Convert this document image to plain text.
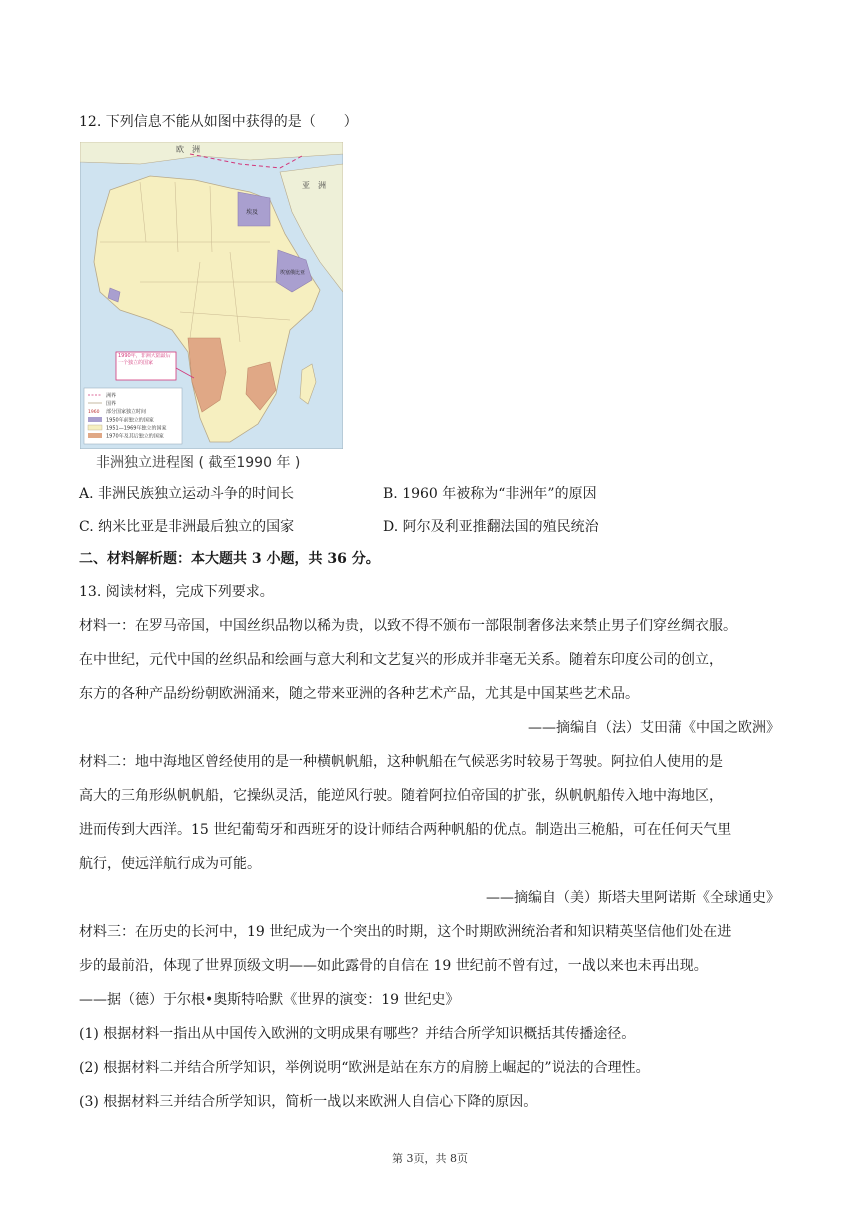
12. 下列信息不能从如图中获得的是（　　）
欧　洲
亚　洲
埃及
埃塞俄比亚
1990年，非洲大陆最后一个独立的国家
洲界
国界
1960 部分国家独立时间
1950年前独立的国家
1951—1969年独立的国家
1970年及其后独立的国家
非洲独立进程图 ( 截至1990 年 )
A. 非洲民族独立运动斗争的时间长	B. 1960 年被称为“非洲年”的原因
C. 纳米比亚是非洲最后独立的国家	D. 阿尔及利亚推翻法国的殖民统治
二、材料解析题：本大题共 3 小题，共 36 分。
13. 阅读材料，完成下列要求。
材料一：在罗马帝国，中国丝织品物以稀为贵，以致不得不颁布一部限制奢侈法来禁止男子们穿丝绸衣服。
在中世纪，元代中国的丝织品和绘画与意大利和文艺复兴的形成并非毫无关系。随着东印度公司的创立，
东方的各种产品纷纷朝欧洲涌来，随之带来亚洲的各种艺术产品，尤其是中国某些艺术品。
——摘编自（法）艾田蒲《中国之欧洲》
材料二：地中海地区曾经使用的是一种横帆帆船，这种帆船在气候恶劣时较易于驾驶。阿拉伯人使用的是
高大的三角形纵帆帆船，它操纵灵活，能逆风行驶。随着阿拉伯帝国的扩张，纵帆帆船传入地中海地区，
进而传到大西洋。15 世纪葡萄牙和西班牙的设计师结合两种帆船的优点。制造出三桅船，可在任何天气里
航行，使远洋航行成为可能。
——摘编自（美）斯塔夫里阿诺斯《全球通史》
材料三：在历史的长河中，19 世纪成为一个突出的时期，这个时期欧洲统治者和知识精英坚信他们处在进
步的最前沿，体现了世界顶级文明——如此露骨的自信在 19 世纪前不曾有过，一战以来也未再出现。
——据（德）于尔根•奥斯特哈默《世界的演变：19 世纪史》
(1) 根据材料一指出从中国传入欧洲的文明成果有哪些？并结合所学知识概括其传播途径。
(2) 根据材料二并结合所学知识，举例说明“欧洲是站在东方的肩膀上崛起的”说法的合理性。
(3) 根据材料三并结合所学知识，简析一战以来欧洲人自信心下降的原因。
第 3页，共 8页
